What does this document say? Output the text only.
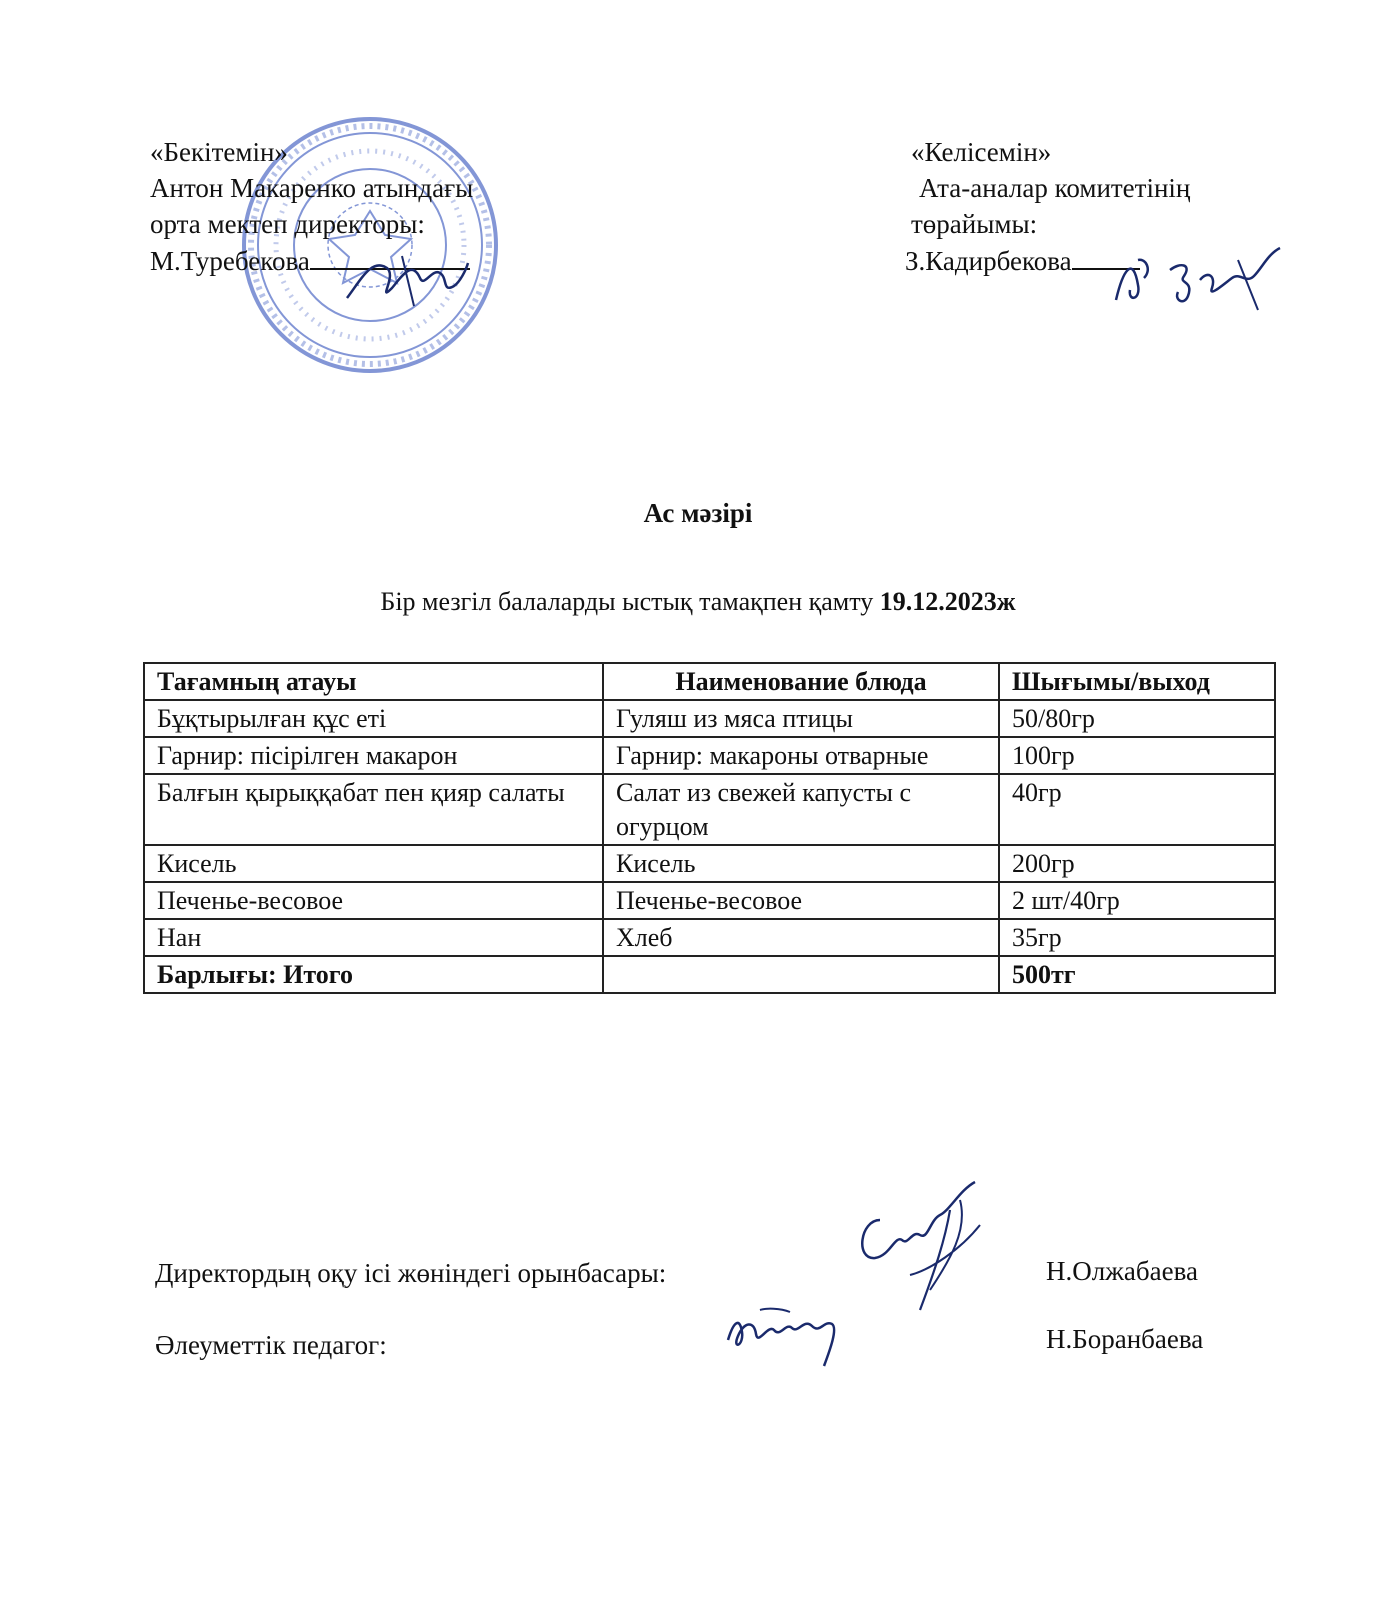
«Бекітемін»
Антон Макаренко атындағы
орта мектеп директоры:
М.Туребекова
«Келісемін»
Ата-аналар комитетінің
төрайымы:
З.Кадирбекова
Ас мәзірі
Бір мезгіл балаларды ыстық тамақпен қамту 19.12.2023ж
Тағамның атауы	Наименование блюда	Шығымы/выход
Бұқтырылған құс еті	Гуляш из мяса птицы	50/80гр
Гарнир: пісірілген макарон	Гарнир: макароны отварные	100гр
Балғын қырыққабат пен қияр салаты	Салат из свежей капусты с огурцом	40гр
Кисель	Кисель	200гр
Печенье-весовое	Печенье-весовое	2 шт/40гр
Нан	Хлеб	35гр
Барлығы: Итого		500тг
Директордың оқу ісі жөніндегі орынбасары:	Н.Олжабаева
Әлеуметтік педагог:	Н.Боранбаева
